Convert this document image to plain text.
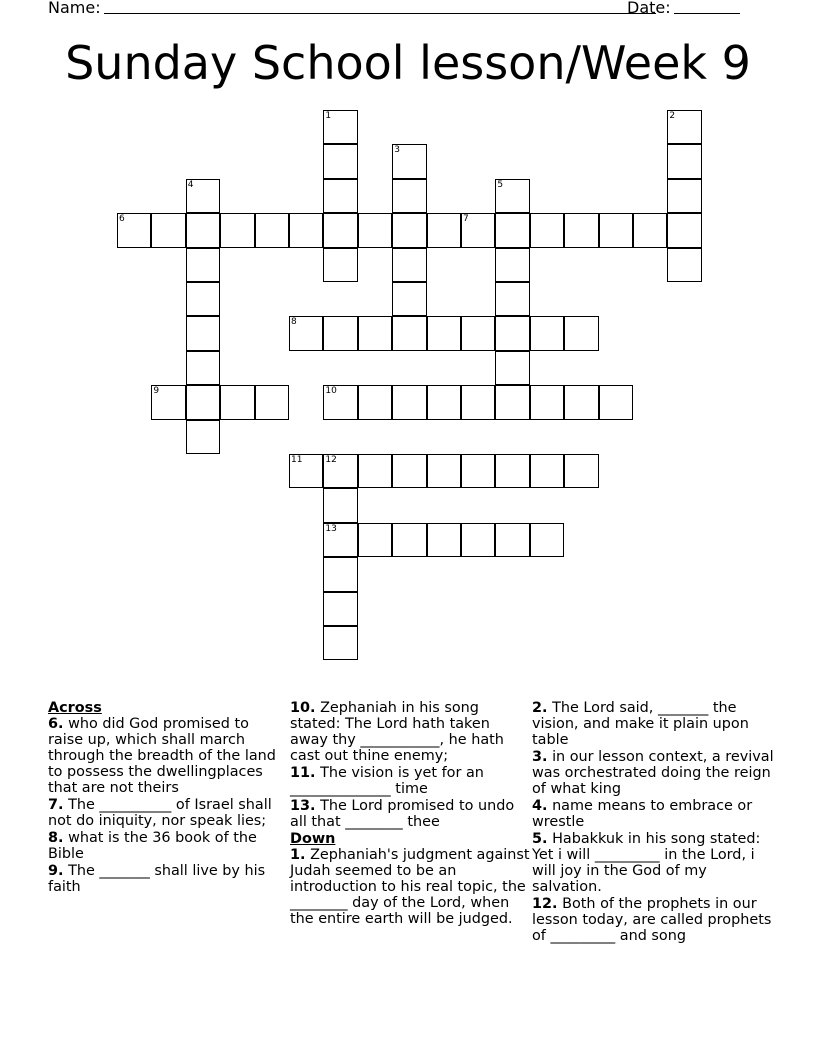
Name:	Date:
Sunday School lesson/Week 9
1	2
3
4	5
6	7
8
9	10
11	12
13
Across
6. who did God promised to raise up, which shall march through the breadth of the land to possess the dwellingplaces that are not theirs
7. The __________ of Israel shall not do iniquity, nor speak lies;
8. what is the 36 book of the Bible
9. The _______ shall live by his faith
10. Zephaniah in his song stated: The Lord hath taken away thy ___________, he hath cast out thine enemy;
11. The vision is yet for an ______________ time
13. The Lord promised to undo all that ________ thee
Down
1. Zephaniah's judgment against Judah seemed to be an introduction to his real topic, the ________ day of the Lord, when the entire earth will be judged.
2. The Lord said, _______ the vision, and make it plain upon table
3. in our lesson context, a revival was orchestrated doing the reign of what king
4. name means to embrace or wrestle
5. Habakkuk in his song stated: Yet i will _________ in the Lord, i will joy in the God of my salvation.
12. Both of the prophets in our lesson today, are called prophets of _________ and song
